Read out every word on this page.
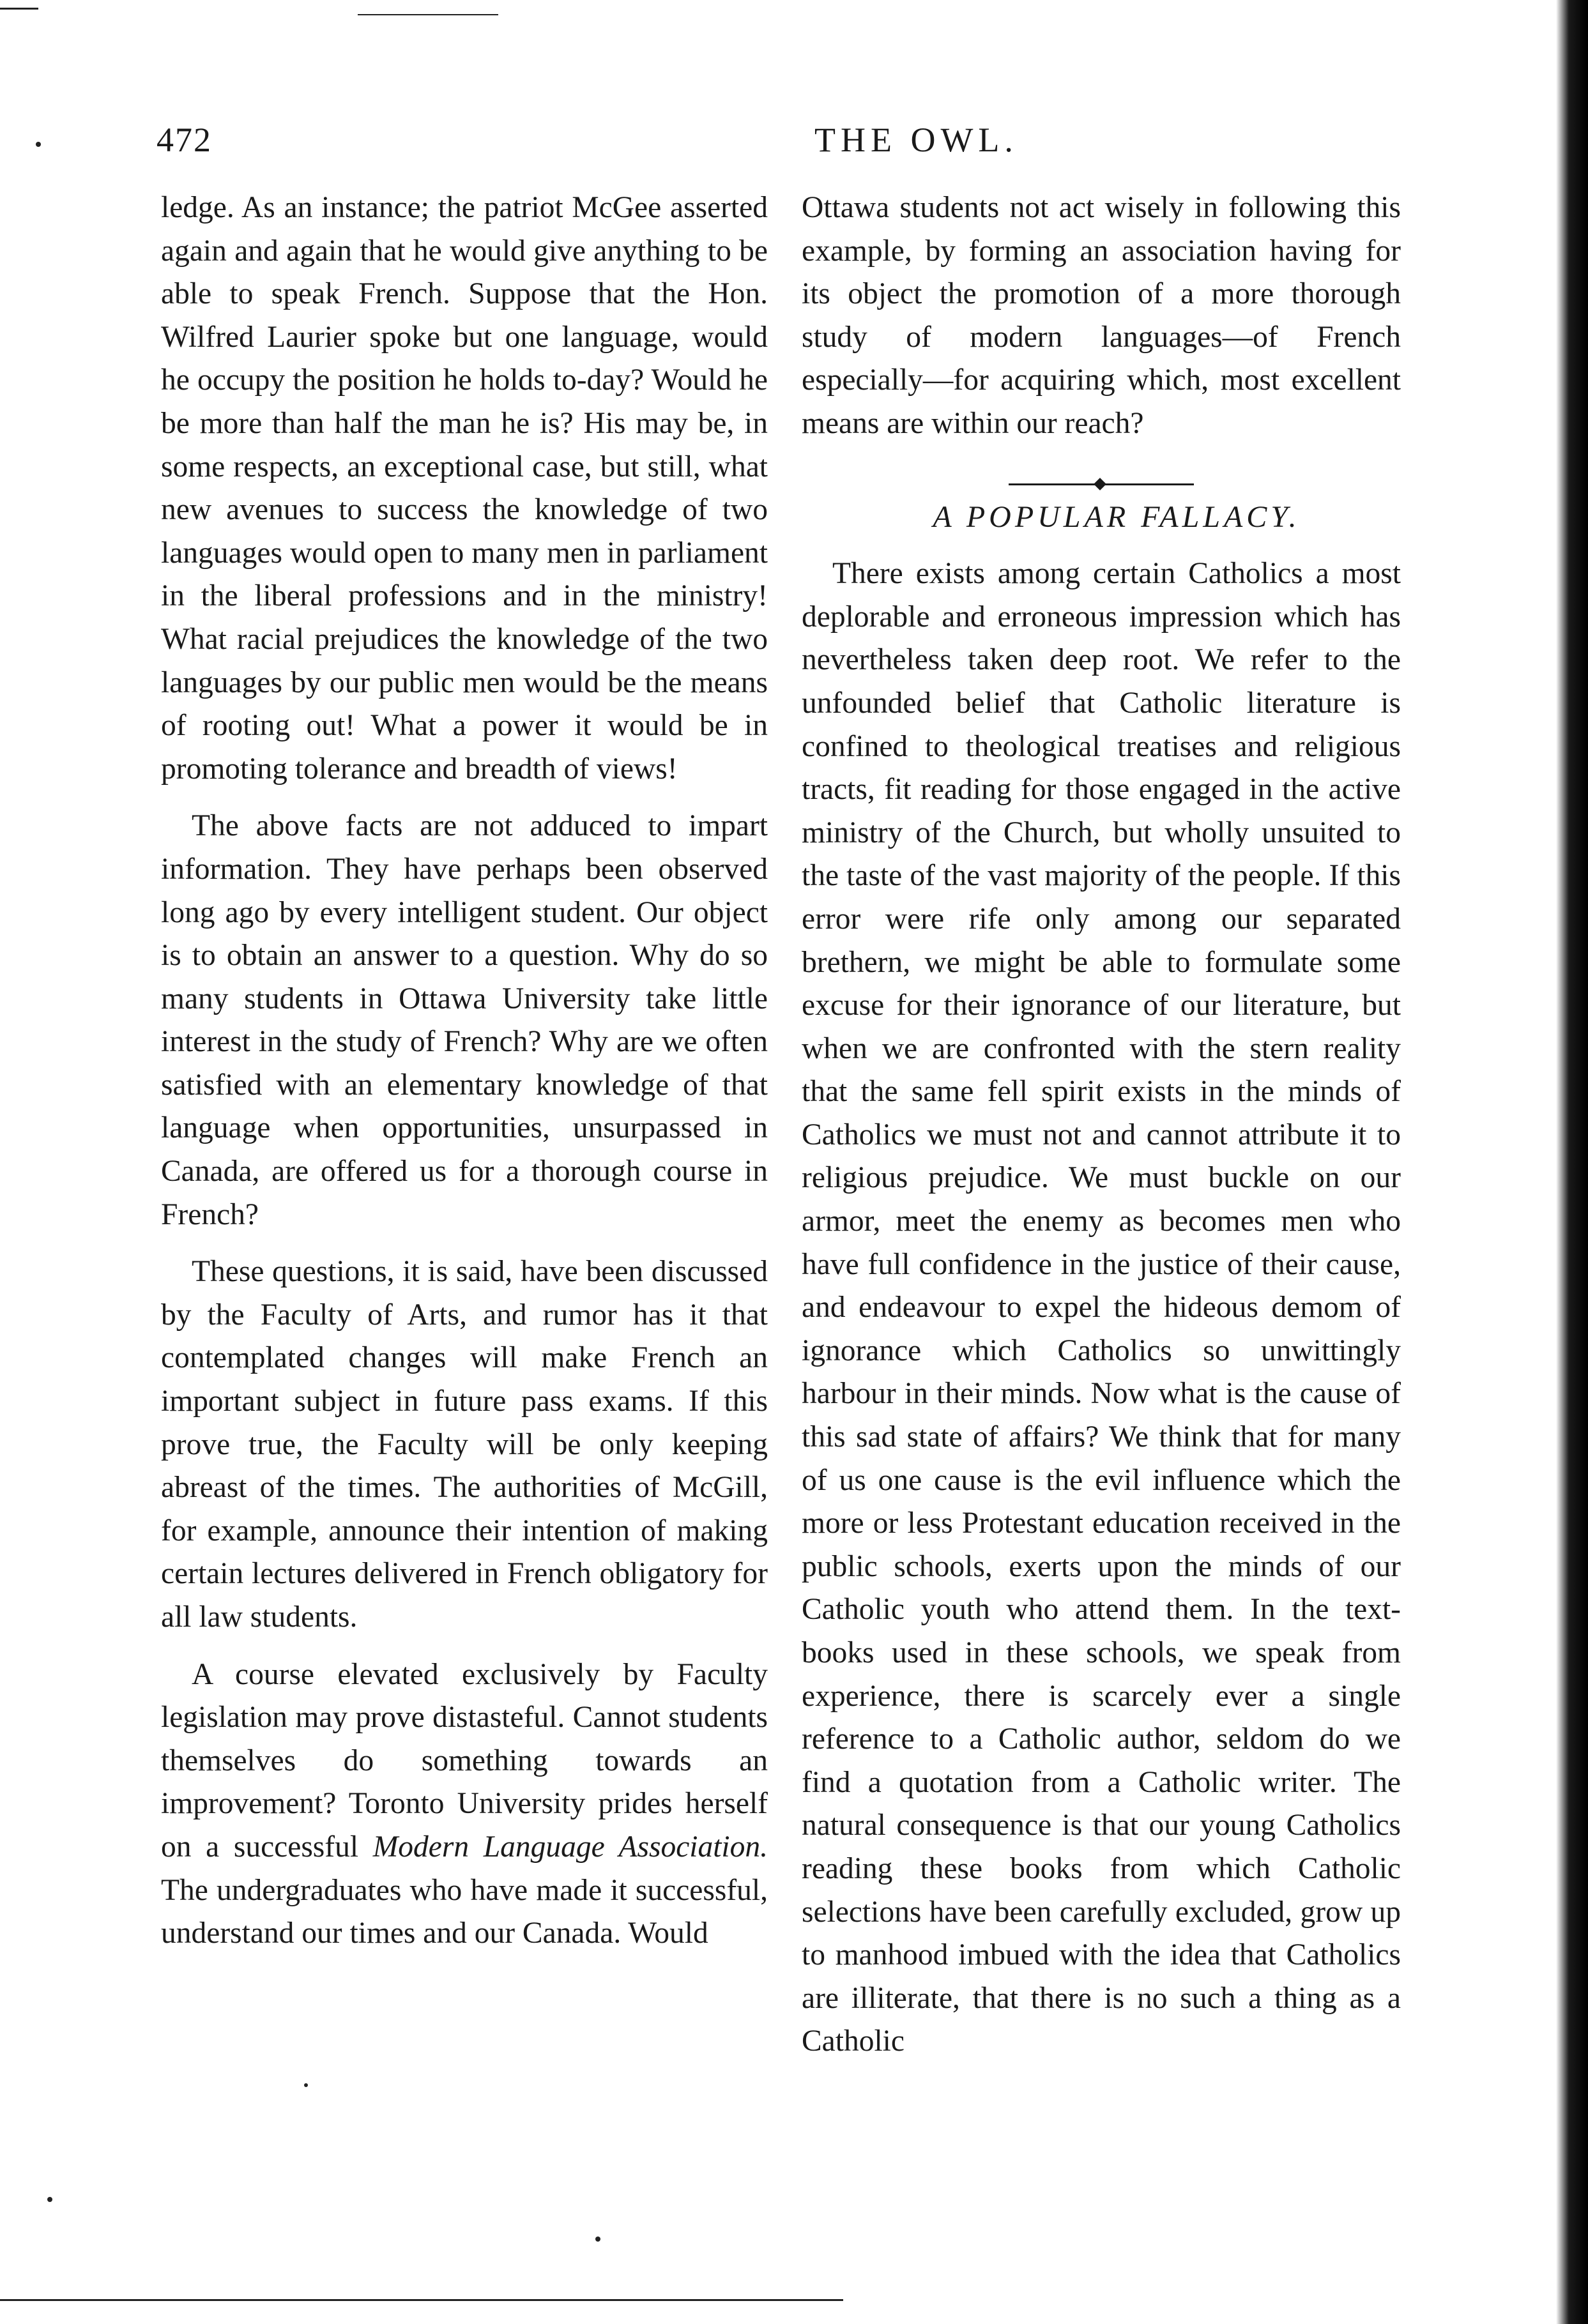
472	THE OWL.

ledge. As an instance; the patriot McGee asserted again and again that he would give anything to be able to speak French. Suppose that the Hon. Wilfred Laurier spoke but one language, would he occupy the position he holds to-day? Would he be more than half the man he is? His may be, in some respects, an exceptional case, but still, what new avenues to success the knowledge of two languages would open to many men in parliament in the liberal professions and in the ministry! What racial prejudices the knowledge of the two languages by our public men would be the means of rooting out! What a power it would be in promoting tolerance and breadth of views!

The above facts are not adduced to impart information. They have perhaps been observed long ago by every intelligent student. Our object is to obtain an answer to a question. Why do so many students in Ottawa University take little interest in the study of French? Why are we often satisfied with an elementary knowledge of that language when opportunities, unsurpassed in Canada, are offered us for a thorough course in French?

These questions, it is said, have been discussed by the Faculty of Arts, and rumor has it that contemplated changes will make French an important subject in future pass exams. If this prove true, the Faculty will be only keeping abreast of the times. The authorities of McGill, for example, announce their intention of making certain lectures delivered in French obligatory for all law students.

A course elevated exclusively by Faculty legislation may prove distasteful. Cannot students themselves do something towards an improvement? Toronto University prides herself on a successful Modern Language Association. The undergraduates who have made it successful, understand our times and our Canada. Would

Ottawa students not act wisely in following this example, by forming an association having for its object the promotion of a more thorough study of modern languages—of French especially—for acquiring which, most excellent means are within our reach?

A POPULAR FALLACY.

There exists among certain Catholics a most deplorable and erroneous impression which has nevertheless taken deep root. We refer to the unfounded belief that Catholic literature is confined to theological treatises and religious tracts, fit reading for those engaged in the active ministry of the Church, but wholly unsuited to the taste of the vast majority of the people. If this error were rife only among our separated brethern, we might be able to formulate some excuse for their ignorance of our literature, but when we are confronted with the stern reality that the same fell spirit exists in the minds of Catholics we must not and cannot attribute it to religious prejudice. We must buckle on our armor, meet the enemy as becomes men who have full confidence in the justice of their cause, and endeavour to expel the hideous demom of ignorance which Catholics so unwittingly harbour in their minds. Now what is the cause of this sad state of affairs? We think that for many of us one cause is the evil influence which the more or less Protestant education received in the public schools, exerts upon the minds of our Catholic youth who attend them. In the text-books used in these schools, we speak from experience, there is scarcely ever a single reference to a Catholic author, seldom do we find a quotation from a Catholic writer. The natural consequence is that our young Catholics reading these books from which Catholic selections have been carefully excluded, grow up to manhood imbued with the idea that Catholics are illiterate, that there is no such a thing as a Catholic
